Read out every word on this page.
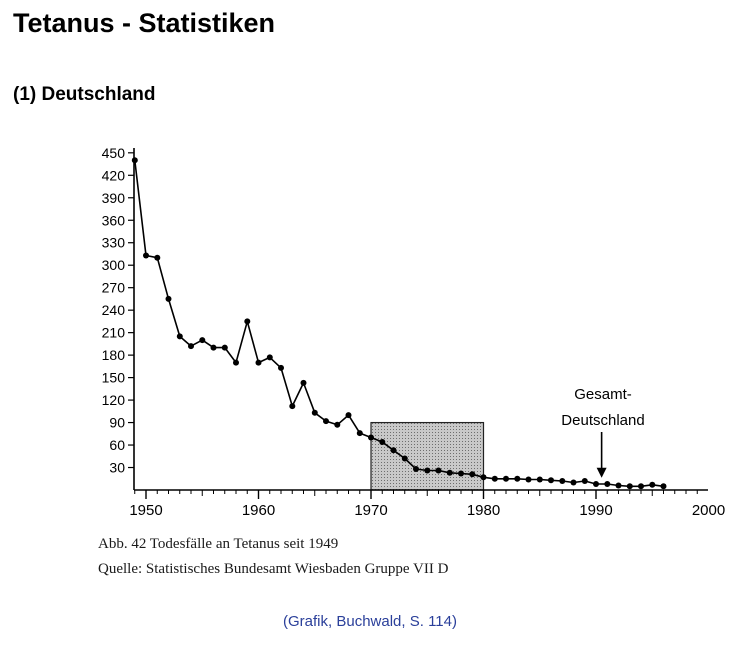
Tetanus - Statistiken
(1) Deutschland
30
60
90
120
150
180
210
240
270
300
330
360
390
420
450
1950	1960	1970	1980	1990	2000
Gesamt-
Deutschland

Abb. 42 Todesfälle an Tetanus seit 1949

Quelle: Statistisches Bundesamt Wiesbaden Gruppe VII D

(Grafik, Buchwald, S. 114)
